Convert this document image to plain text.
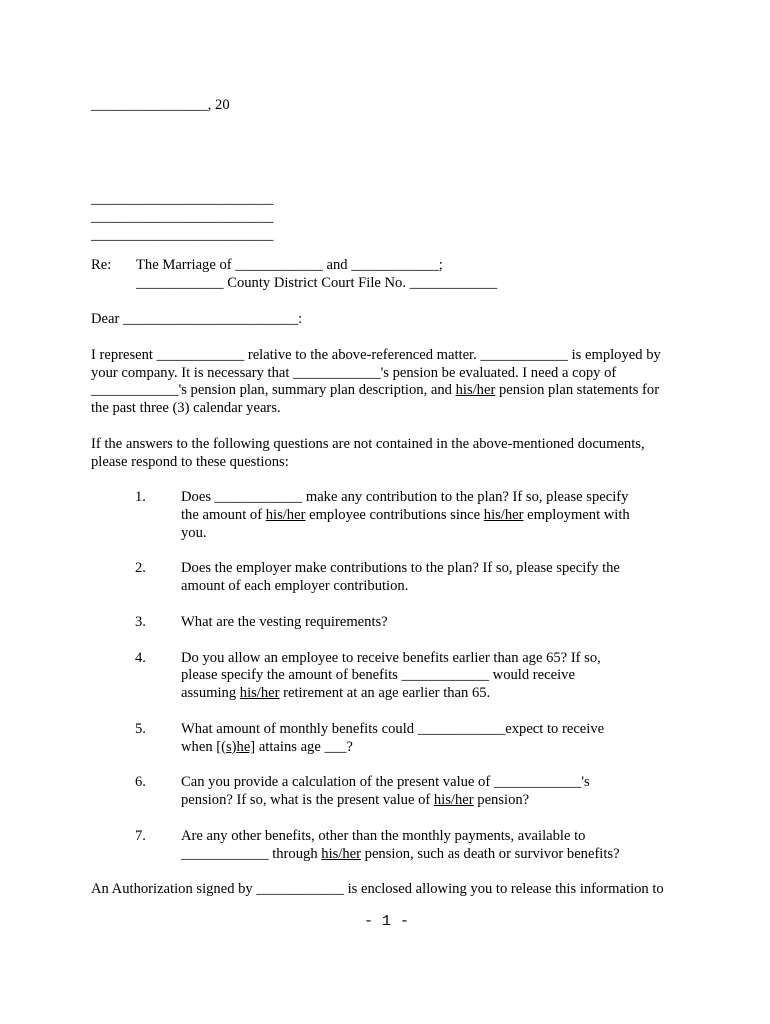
________________, 20
_________________________
_________________________
_________________________
Re: The Marriage of ____________ and ____________;
____________ County District Court File No. ____________
Dear ________________________:
I represent ____________ relative to the above-referenced matter. ____________ is employed by
your company. It is necessary that ____________'s pension be evaluated. I need a copy of
____________'s pension plan, summary plan description, and his/her pension plan statements for
the past three (3) calendar years.
If the answers to the following questions are not contained in the above-mentioned documents,
please respond to these questions:
1. Does ____________ make any contribution to the plan? If so, please specify
the amount of his/her employee contributions since his/her employment with
you.
2. Does the employer make contributions to the plan? If so, please specify the
amount of each employer contribution.
3. What are the vesting requirements?
4. Do you allow an employee to receive benefits earlier than age 65? If so,
please specify the amount of benefits ____________ would receive
assuming his/her retirement at an age earlier than 65.
5. What amount of monthly benefits could ____________expect to receive
when [(s)he] attains age ___?
6. Can you provide a calculation of the present value of ____________'s
pension? If so, what is the present value of his/her pension?
7. Are any other benefits, other than the monthly payments, available to
____________ through his/her pension, such as death or survivor benefits?
An Authorization signed by ____________ is enclosed allowing you to release this information to
- 1 -
